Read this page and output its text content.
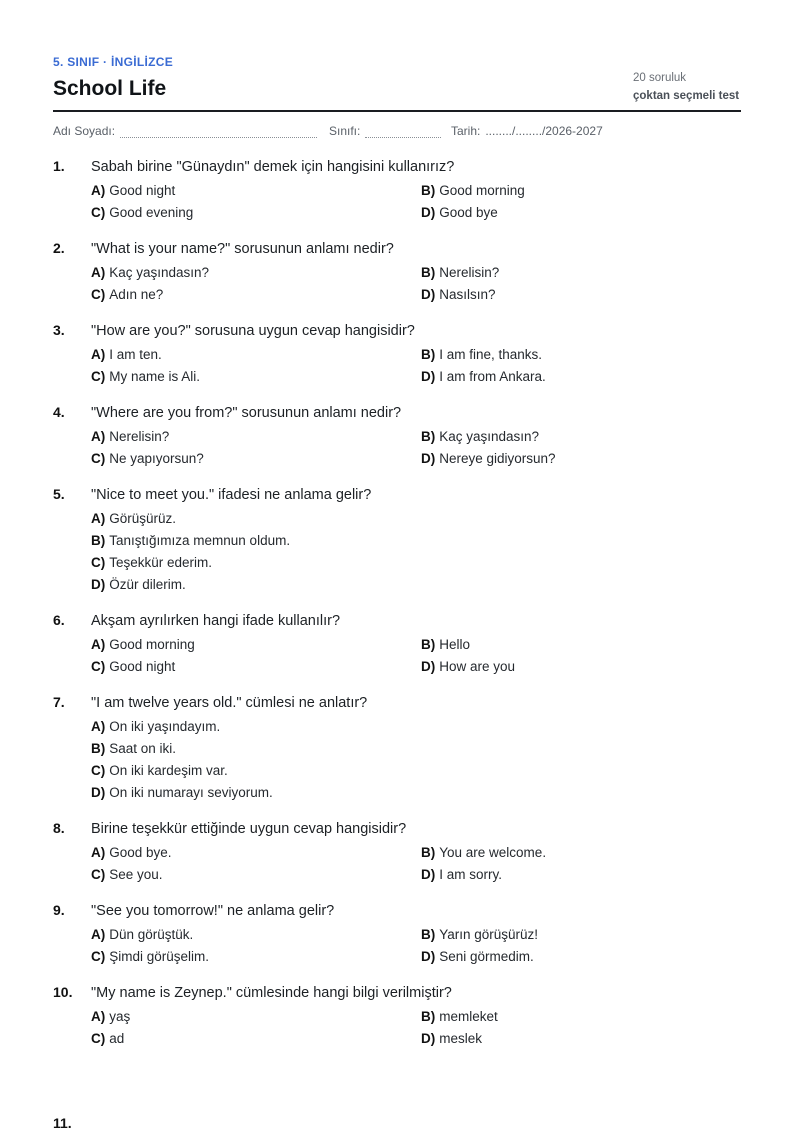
5. SINIF · İNGİLİZCE
School Life	20 soruluk
çoktan seçmeli test
Adı Soyadı:	Sınıfı:	Tarih: ......../......../2026-2027
1. Sabah birine "Günaydın" demek için hangisini kullanırız?
A) Good night	B) Good morning
C) Good evening	D) Good bye
2. "What is your name?" sorusunun anlamı nedir?
A) Kaç yaşındasın?	B) Nerelisin?
C) Adın ne?	D) Nasılsın?
3. "How are you?" sorusuna uygun cevap hangisidir?
A) I am ten.	B) I am fine, thanks.
C) My name is Ali.	D) I am from Ankara.
4. "Where are you from?" sorusunun anlamı nedir?
A) Nerelisin?	B) Kaç yaşındasın?
C) Ne yapıyorsun?	D) Nereye gidiyorsun?
5. "Nice to meet you." ifadesi ne anlama gelir?
A) Görüşürüz.
B) Tanıştığımıza memnun oldum.
C) Teşekkür ederim.
D) Özür dilerim.
6. Akşam ayrılırken hangi ifade kullanılır?
A) Good morning	B) Hello
C) Good night	D) How are you
7. "I am twelve years old." cümlesi ne anlatır?
A) On iki yaşındayım.
B) Saat on iki.
C) On iki kardeşim var.
D) On iki numarayı seviyorum.
8. Birine teşekkür ettiğinde uygun cevap hangisidir?
A) Good bye.	B) You are welcome.
C) See you.	D) I am sorry.
9. "See you tomorrow!" ne anlama gelir?
A) Dün görüştük.	B) Yarın görüşürüz!
C) Şimdi görüşelim.	D) Seni görmedim.
10. "My name is Zeynep." cümlesinde hangi bilgi verilmiştir?
A) yaş	B) memleket
C) ad	D) meslek
11.
